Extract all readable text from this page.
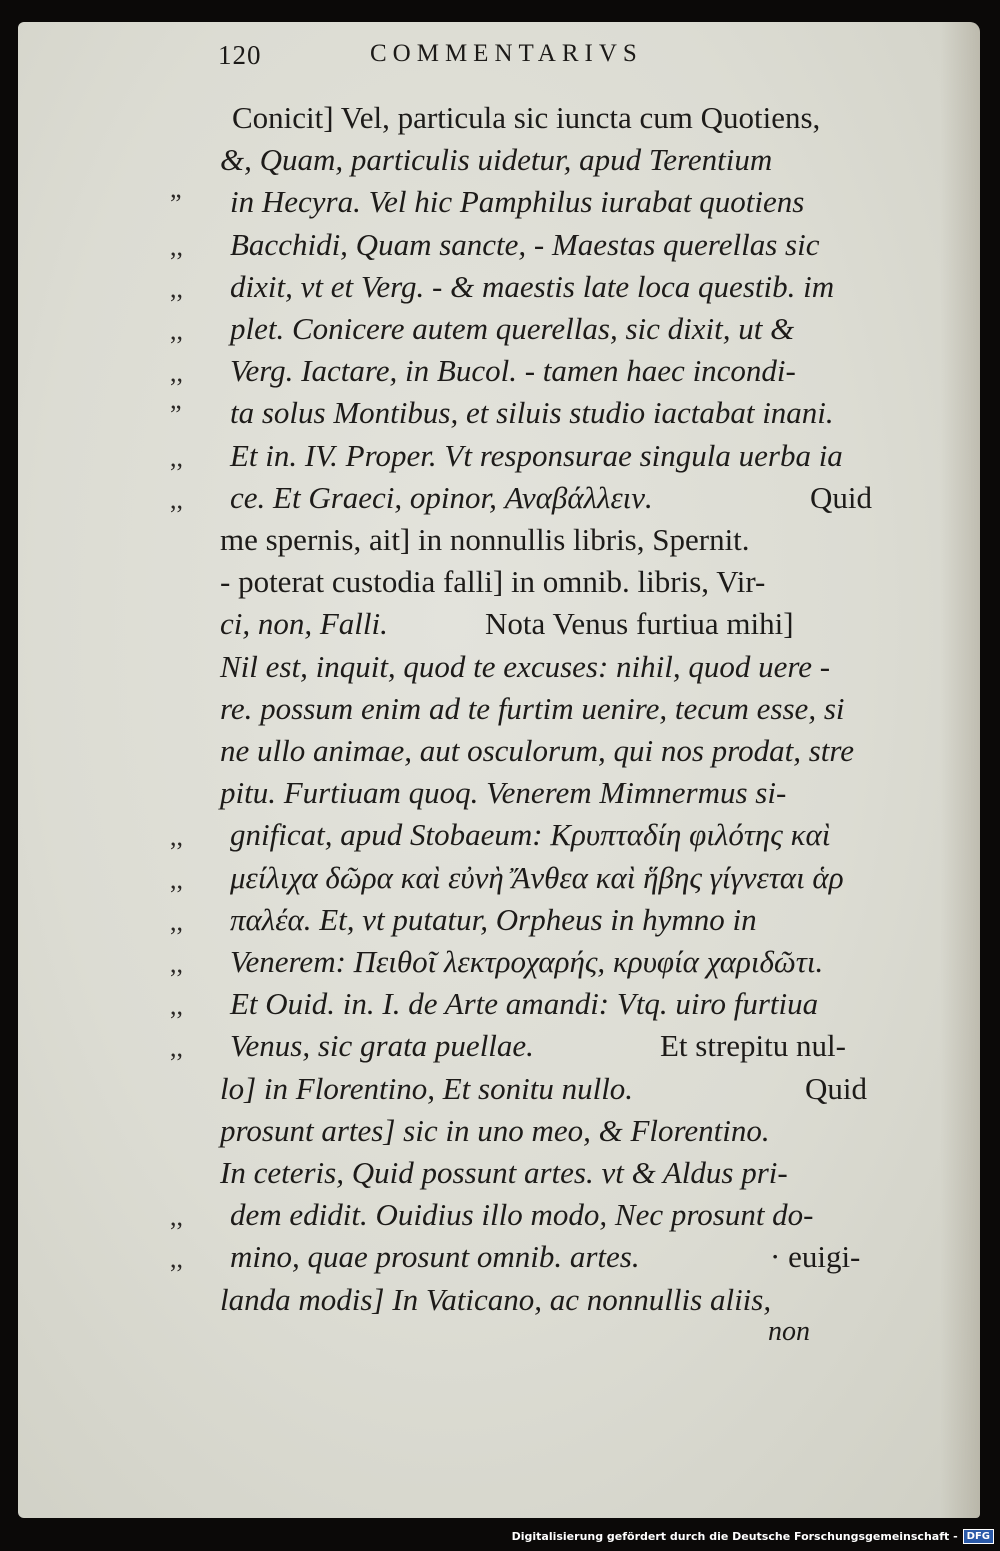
120	COMMENTARIVS
Conicit] Vel, particula sic iuncta cum Quotiens,
&, Quam, particulis uidetur, apud Terentium
” in Hecyra. Vel hic Pamphilus iurabat quotiens
,, Bacchidi, Quam sancte, - Maestas querellas sic
,, dixit, vt et Verg. - & maestis late loca questib. im
,, plet. Conicere autem querellas, sic dixit, ut &
,, Verg. Iactare, in Bucol. - tamen haec incondi-
” ta solus Montibus, et siluis studio iactabat inani.
,, Et in. IV. Proper. Vt responsurae singula uerba ia
,, ce. Et Graeci, opinor, Αναβάλλειν.	Quid
me spernis, ait] in nonnullis libris, Spernit.
- poterat custodia falli] in omnib. libris, Vir-
ci, non, Falli.	Nota Venus furtiua mihi]
Nil est, inquit, quod te excuses: nihil, quod uere -
re. possum enim ad te furtim uenire, tecum esse, si
ne ullo animae, aut osculorum, qui nos prodat, stre
pitu. Furtiuam quoq. Venerem Mimnermus si-
,, gnificat, apud Stobaeum: Κρυπταδίη φιλότης καὶ
,, μείλιχα δῶρα καὶ εὐνὴ Ἄνθεα καὶ ἥβης γίγνεται ἁρ
,, παλέα. Et, vt putatur, Orpheus in hymno in
,, Venerem: Πειθοῖ λεκτροχαρής, κρυφία χαριδῶτι.
,, Et Ouid. in. I. de Arte amandi: Vtq. uiro furtiua
,, Venus, sic grata puellae.	Et strepitu nul-
lo] in Florentino, Et sonitu nullo.	Quid
prosunt artes] sic in uno meo, & Florentino.
In ceteris, Quid possunt artes. vt & Aldus pri-
,, dem edidit. Ouidius illo modo, Nec prosunt do-
,, mino, quae prosunt omnib. artes.	· euigi-
landa modis] In Vaticano, ac nonnullis aliis,
non
Digitalisierung gefördert durch die Deutsche Forschungsgemeinschaft - DFG
